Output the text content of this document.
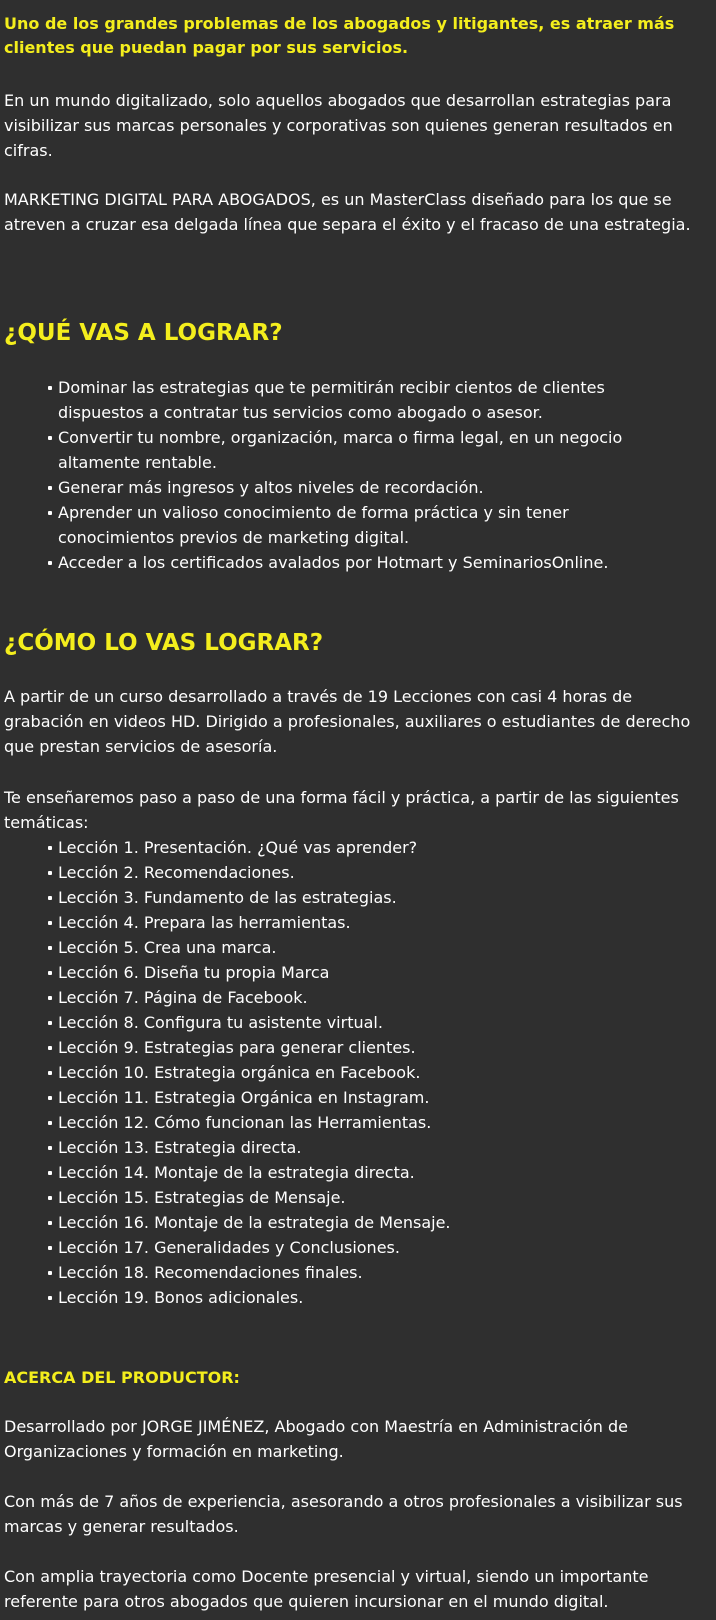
Uno de los grandes problemas de los abogados y litigantes, es atraer más clientes que puedan pagar por sus servicios.

En un mundo digitalizado, solo aquellos abogados que desarrollan estrategias para visibilizar sus marcas personales y corporativas son quienes generan resultados en cifras.

MARKETING DIGITAL PARA ABOGADOS, es un MasterClass diseñado para los que se atreven a cruzar esa delgada línea que separa el éxito y el fracaso de una estrategia.

¿QUÉ VAS A LOGRAR?
Dominar las estrategias que te permitirán recibir cientos de clientes dispuestos a contratar tus servicios como abogado o asesor.
Convertir tu nombre, organización, marca o firma legal, en un negocio altamente rentable.
Generar más ingresos y altos niveles de recordación.
Aprender un valioso conocimiento de forma práctica y sin tener conocimientos previos de marketing digital.
Acceder a los certificados avalados por Hotmart y SeminariosOnline.
¿CÓMO LO VAS LOGRAR?

A partir de un curso desarrollado a través de 19 Lecciones con casi 4 horas de grabación en videos HD. Dirigido a profesionales, auxiliares o estudiantes de derecho que prestan servicios de asesoría.

Te enseñaremos paso a paso de una forma fácil y práctica, a partir de las siguientes temáticas:

Lección 1. Presentación. ¿Qué vas aprender?
Lección 2. Recomendaciones.
Lección 3. Fundamento de las estrategias.
Lección 4. Prepara las herramientas.
Lección 5. Crea una marca.
Lección 6. Diseña tu propia Marca
Lección 7. Página de Facebook.
Lección 8. Configura tu asistente virtual.
Lección 9. Estrategias para generar clientes.
Lección 10. Estrategia orgánica en Facebook.
Lección 11. Estrategia Orgánica en Instagram.
Lección 12. Cómo funcionan las Herramientas.
Lección 13. Estrategia directa.
Lección 14. Montaje de la estrategia directa.
Lección 15. Estrategias de Mensaje.
Lección 16. Montaje de la estrategia de Mensaje.
Lección 17. Generalidades y Conclusiones.
Lección 18. Recomendaciones finales.
Lección 19. Bonos adicionales.
ACERCA DEL PRODUCTOR:

Desarrollado por JORGE JIMÉNEZ, Abogado con Maestría en Administración de Organizaciones y formación en marketing.

Con más de 7 años de experiencia, asesorando a otros profesionales a visibilizar sus marcas y generar resultados.

Con amplia trayectoria como Docente presencial y virtual, siendo un importante referente para otros abogados que quieren incursionar en el mundo digital.
